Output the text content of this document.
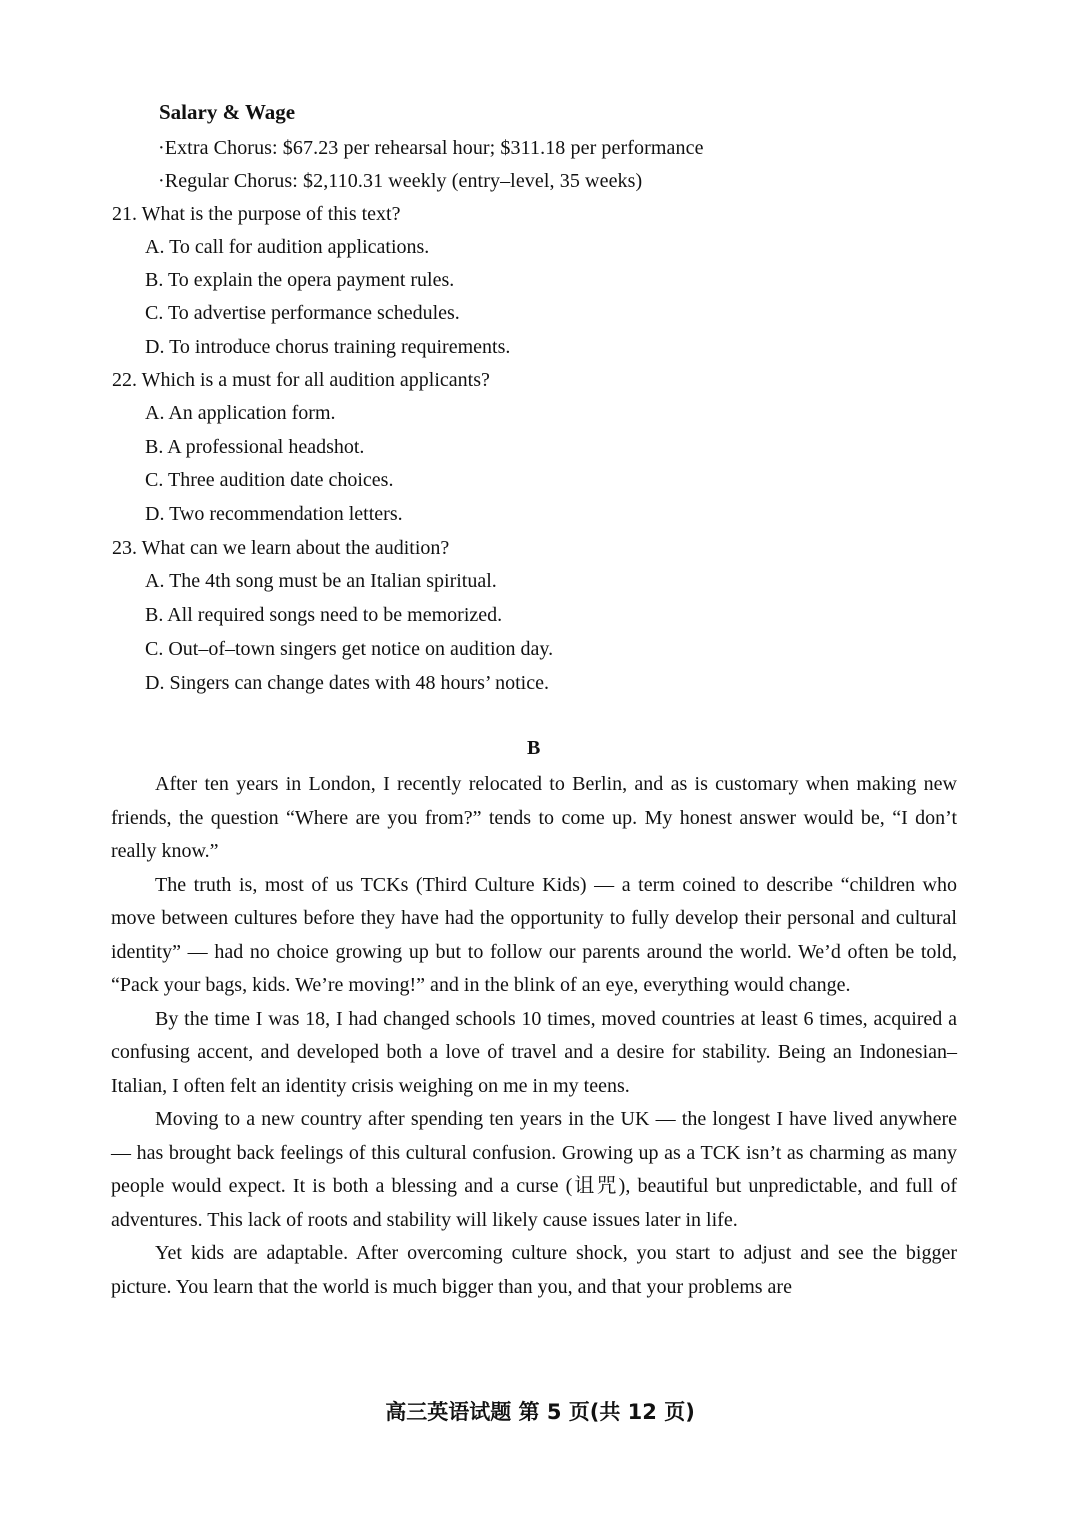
Salary & Wage
·Extra Chorus: $67.23 per rehearsal hour; $311.18 per performance
·Regular Chorus: $2,110.31 weekly (entry–level, 35 weeks)
21. What is the purpose of this text?
A. To call for audition applications.
B. To explain the opera payment rules.
C. To advertise performance schedules.
D. To introduce chorus training requirements.
22. Which is a must for all audition applicants?
A. An application form.
B. A professional headshot.
C. Three audition date choices.
D. Two recommendation letters.
23. What can we learn about the audition?
A. The 4th song must be an Italian spiritual.
B. All required songs need to be memorized.
C. Out–of–town singers get notice on audition day.
D. Singers can change dates with 48 hours’ notice.
B

After ten years in London, I recently relocated to Berlin, and as is customary when making new friends, the question “Where are you from?” tends to come up. My honest answer would be, “I don’t really know.”

The truth is, most of us TCKs (Third Culture Kids) — a term coined to describe “children who move between cultures before they have had the opportunity to fully develop their personal and cultural identity” — had no choice growing up but to follow our parents around the world. We’d often be told, “Pack your bags, kids. We’re moving!” and in the blink of an eye, everything would change.

By the time I was 18, I had changed schools 10 times, moved countries at least 6 times, acquired a confusing accent, and developed both a love of travel and a desire for stability. Being an Indonesian–Italian, I often felt an identity crisis weighing on me in my teens.

Moving to a new country after spending ten years in the UK — the longest I have lived anywhere — has brought back feelings of this cultural confusion. Growing up as a TCK isn’t as charming as many people would expect. It is both a blessing and a curse (诅咒), beautiful but unpredictable, and full of adventures. This lack of roots and stability will likely cause issues later in life.

Yet kids are adaptable. After overcoming culture shock, you start to adjust and see the bigger picture. You learn that the world is much bigger than you, and that your problems are

高三英语试题 第 5 页(共 12 页)
